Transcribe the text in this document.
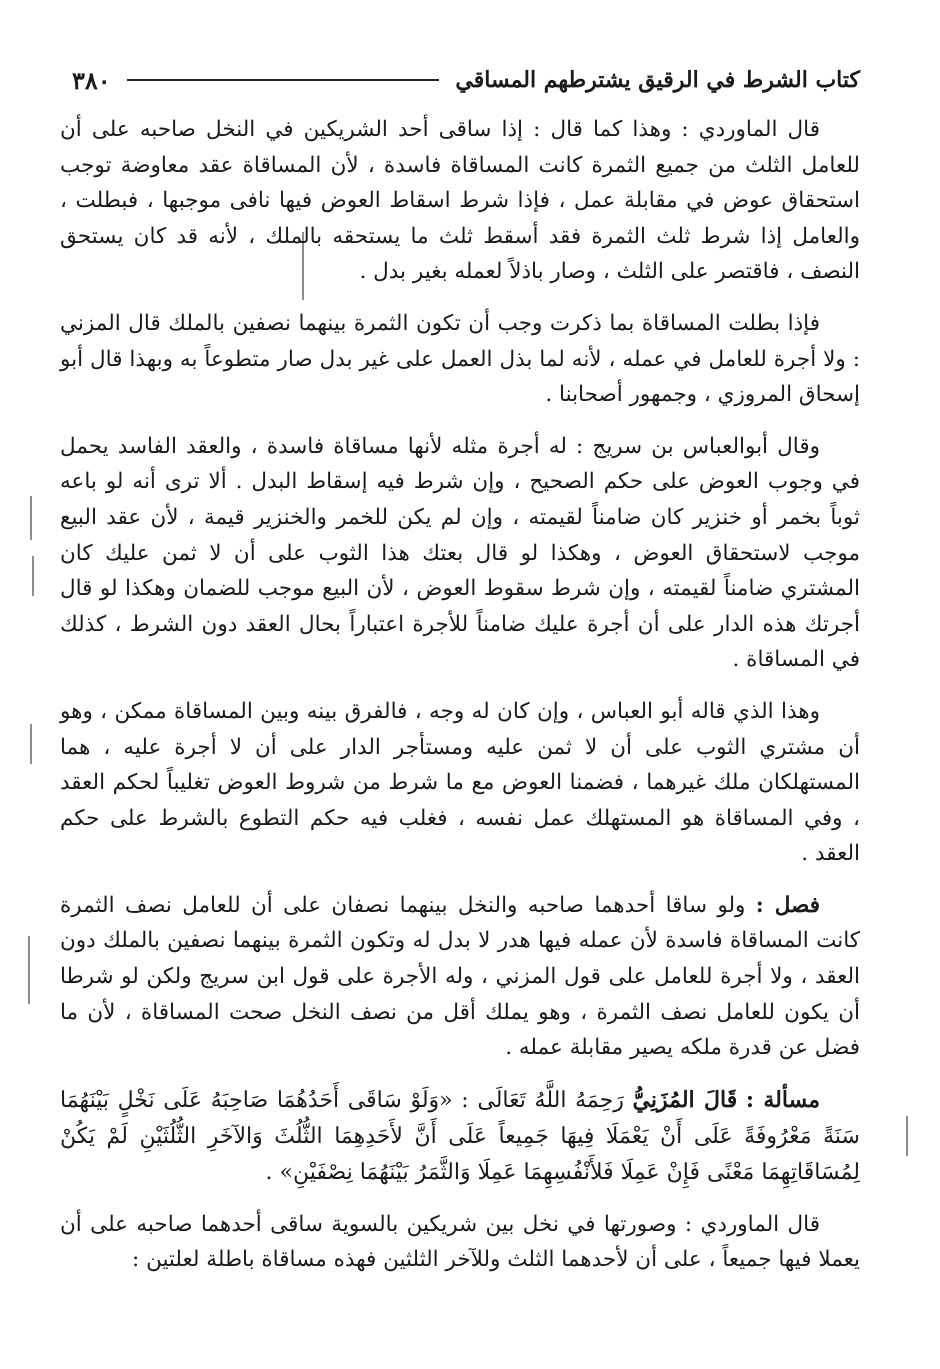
كتاب الشرط في الرقيق يشترطهم المساقي
٣٨٠

قال الماوردي : وهذا كما قال : إذا ساقى أحد الشريكين في النخل صاحبه على أن للعامل الثلث من جميع الثمرة كانت المساقاة فاسدة ، لأن المساقاة عقد معاوضة توجب استحقاق عوض في مقابلة عمل ، فإذا شرط اسقاط العوض فيها نافى موجبها ، فبطلت ، والعامل إذا شرط ثلث الثمرة فقد أسقط ثلث ما يستحقه بالملك ، لأنه قد كان يستحق النصف ، فاقتصر على الثلث ، وصار باذلاً لعمله بغير بدل .

فإذا بطلت المساقاة بما ذكرت وجب أن تكون الثمرة بينهما نصفين بالملك قال المزني : ولا أجرة للعامل في عمله ، لأنه لما بذل العمل على غير بدل صار متطوعاً به وبهذا قال أبو إسحاق المروزي ، وجمهور أصحابنا .

وقال أبوالعباس بن سريج : له أجرة مثله لأنها مساقاة فاسدة ، والعقد الفاسد يحمل في وجوب العوض على حكم الصحيح ، وإن شرط فيه إسقاط البدل . ألا ترى أنه لو باعه ثوباً بخمر أو خنزير كان ضامناً لقيمته ، وإن لم يكن للخمر والخنزير قيمة ، لأن عقد البيع موجب لاستحقاق العوض ، وهكذا لو قال بعتك هذا الثوب على أن لا ثمن عليك كان المشتري ضامناً لقيمته ، وإن شرط سقوط العوض ، لأن البيع موجب للضمان وهكذا لو قال أجرتك هذه الدار على أن أجرة عليك ضامناً للأجرة اعتباراً بحال العقد دون الشرط ، كذلك في المساقاة .

وهذا الذي قاله أبو العباس ، وإن كان له وجه ، فالفرق بينه وبين المساقاة ممكن ، وهو أن مشتري الثوب على أن لا ثمن عليه ومستأجر الدار على أن لا أجرة عليه ، هما المستهلكان ملك غيرهما ، فضمنا العوض مع ما شرط من شروط العوض تغليباً لحكم العقد ، وفي المساقاة هو المستهلك عمل نفسه ، فغلب فيه حكم التطوع بالشرط على حكم العقد .

فصل : ولو ساقا أحدهما صاحبه والنخل بينهما نصفان على أن للعامل نصف الثمرة كانت المساقاة فاسدة لأن عمله فيها هدر لا بدل له وتكون الثمرة بينهما نصفين بالملك دون العقد ، ولا أجرة للعامل على قول المزني ، وله الأجرة على قول ابن سريج ولكن لو شرطا أن يكون للعامل نصف الثمرة ، وهو يملك أقل من نصف النخل صحت المساقاة ، لأن ما فضل عن قدرة ملكه يصير مقابلة عمله .

مسألة : قَالَ المُزَنِيُّ رَحِمَهُ اللَّهُ تَعَالَى : «وَلَوْ سَاقَى أَحَدُهُمَا صَاحِبَهُ عَلَى نَخْلٍ بَيْنَهُمَا سَنَةً مَعْرُوفَةً عَلَى أَنْ يَعْمَلَا فِيهَا جَمِيعاً عَلَى أَنَّ لأَحَدِهِمَا الثُّلُثَ وَالآخَرِ الثُّلُثَيْنِ لَمْ يَكُنْ لِمُسَاقَاتِهِمَا مَعْنًى فَإِنْ عَمِلَا فَلأَنْفُسِهِمَا عَمِلَا وَالثَّمَرُ بَيْنَهُمَا نِصْفَيْنِ» .

قال الماوردي : وصورتها في نخل بين شريكين بالسوية ساقى أحدهما صاحبه على أن يعملا فيها جميعاً ، على أن لأحدهما الثلث وللآخر الثلثين فهذه مساقاة باطلة لعلتين :
